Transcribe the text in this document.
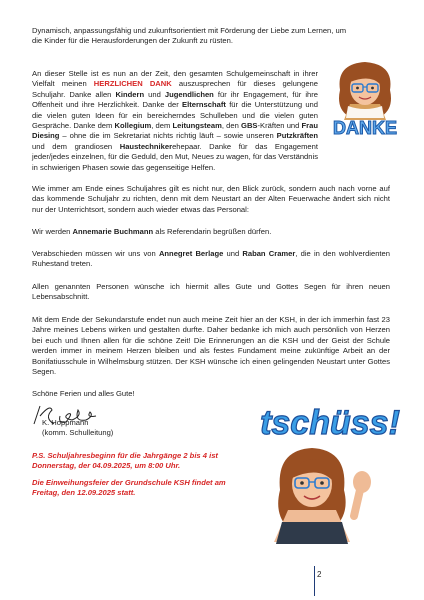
Dynamisch, anpassungsfähig und zukunftsorientiert mit Förderung der Liebe zum Lernen, um
die Kinder für die Herausforderungen der Zukunft zu rüsten.

An dieser Stelle ist es nun an der Zeit, den gesamten Schulgemeinschaft in ihrer Vielfalt meinen HERZLICHEN DANK auszusprechen für dieses gelungene Schuljahr. Danke allen Kindern und Jugendlichen für ihr Engagement, für ihre Offenheit und ihre Herzlichkeit. Danke der Elternschaft für die Unterstützung und die vielen guten Ideen für ein bereicherndes Schulleben und die vielen guten Gespräche. Danke dem Kollegium, dem Leitungsteam, den GBS-Kräften und Frau Diesing – ohne die im Sekretariat nichts richtig läuft – sowie unseren Putzkräften und dem grandiosen Haustechnikerehepaar. Danke für das Engagement jeder/jedes einzelnen, für die Geduld, den Mut, Neues zu wagen, für das Verständnis in schwierigen Phasen sowie das gegenseitige Helfen.

DANKE

Wie immer am Ende eines Schuljahres gilt es nicht nur, den Blick zurück, sondern auch nach vorne auf das kommende Schuljahr zu richten, denn mit dem Neustart an der Alten Feuerwache ändert sich nicht nur der Unterrichtsort, sondern auch wieder etwas das Personal:

Wir werden Annemarie Buchmann als Referendarin begrüßen dürfen.

Verabschieden müssen wir uns von Annegret Berlage und Raban Cramer, die in den wohlverdienten Ruhestand treten.

Allen genannten Personen wünsche ich hiermit alles Gute und Gottes Segen für ihren neuen Lebensabschnitt.

Mit dem Ende der Sekundarstufe endet nun auch meine Zeit hier an der KSH, in der ich immerhin fast 23 Jahre meines Lebens wirken und gestalten durfte. Daher bedanke ich mich auch persönlich von Herzen bei euch und Ihnen allen für die schöne Zeit! Die Erinnerungen an die KSH und der Geist der Schule werden immer in meinem Herzen bleiben und als festes Fundament meine zukünftige Arbeit an der Bonifatiusschule in Wilhelmsburg stützen. Der KSH wünsche ich einen gelingenden Neustart unter Gottes Segen.

Schöne Ferien und alles Gute!

K. Hoppmann

(komm. Schulleitung)

P.S. Schuljahresbeginn für die Jahrgänge 2 bis 4 ist
Donnerstag, der 04.09.2025, um 8:00 Uhr.

Die Einweihungsfeier der Grundschule KSH findet am
Freitag, den 12.09.2025 statt.

tschüss!
2
